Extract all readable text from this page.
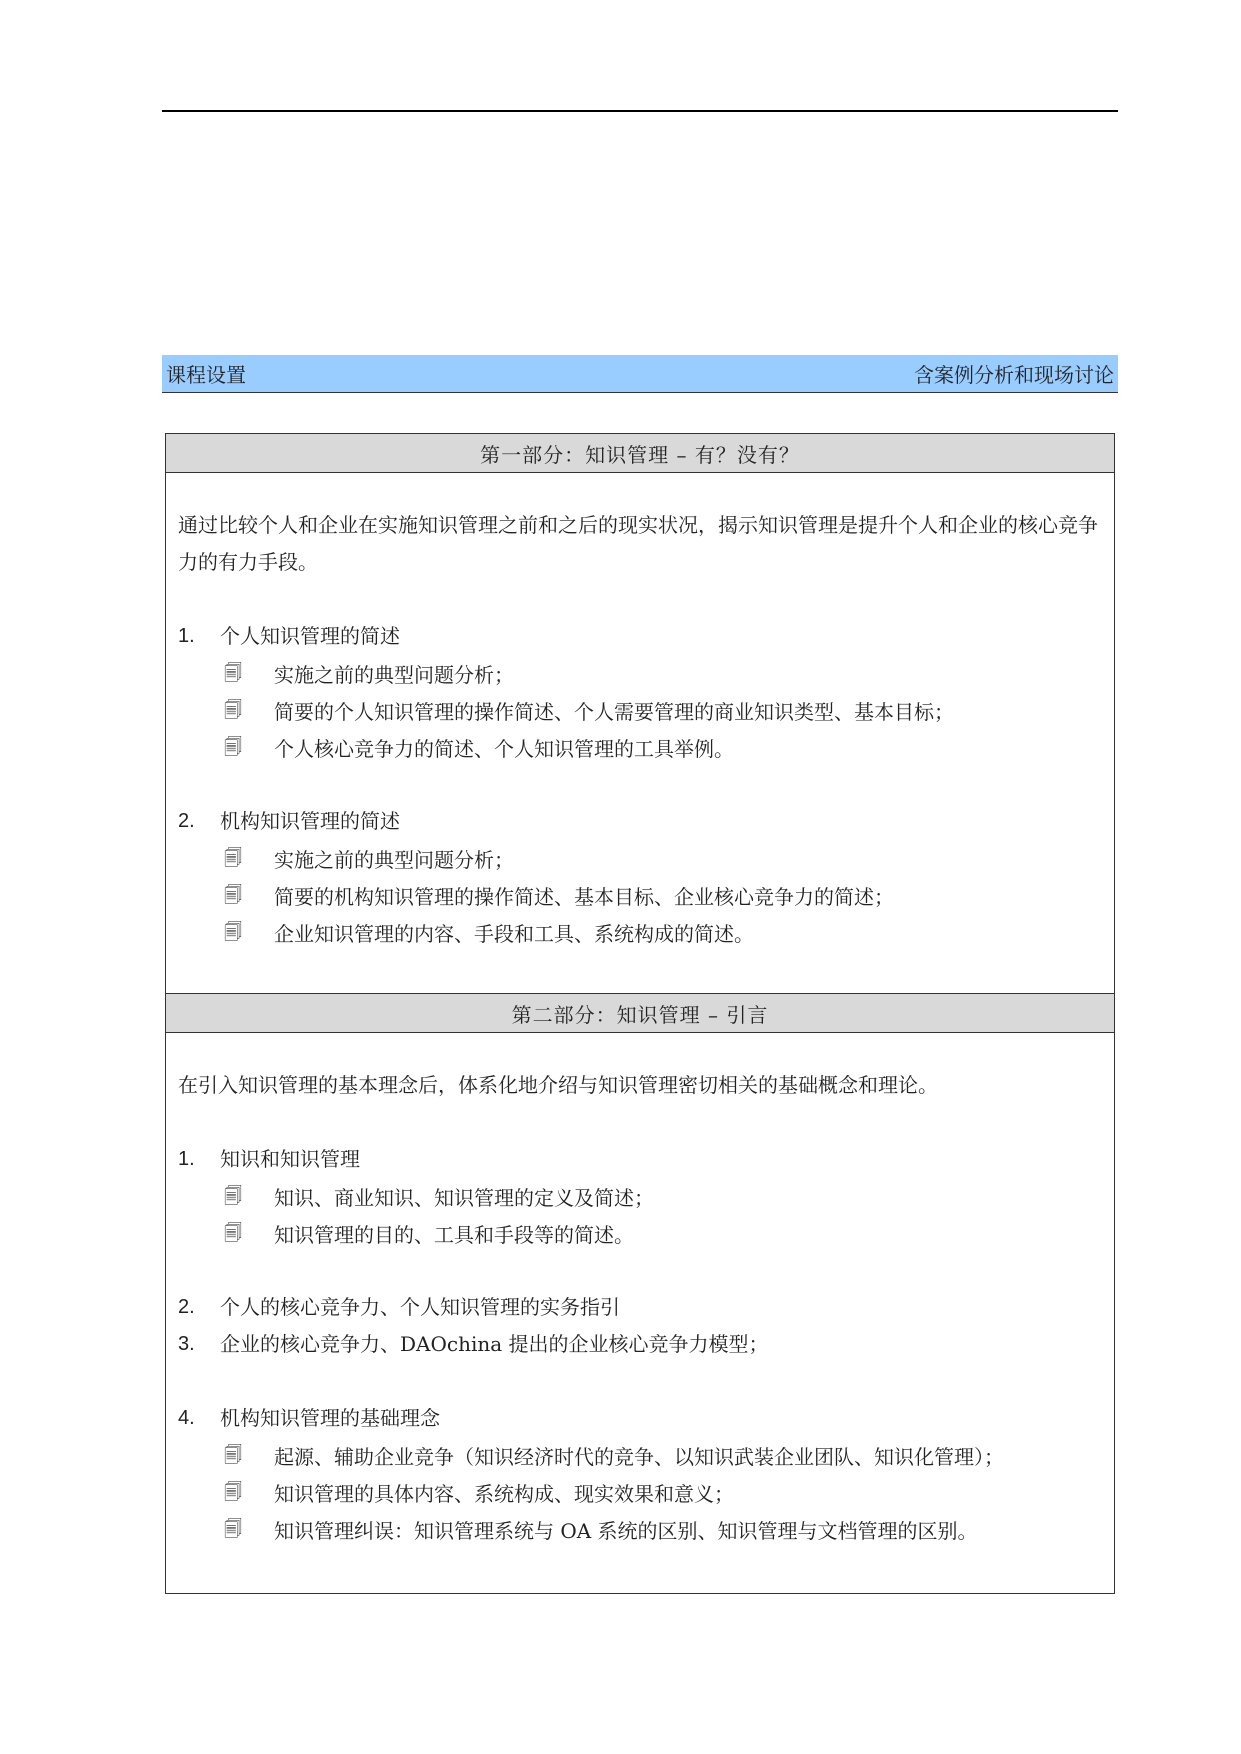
课程设置	含案例分析和现场讨论
第一部分：知识管理 – 有？没有？

通过比较个人和企业在实施知识管理之前和之后的现实状况，揭示知识管理是提升个人和企业的核心竞争力的有力手段。

1.	个人知识管理的简述
🗐	实施之前的典型问题分析；
🗐	简要的个人知识管理的操作简述、个人需要管理的商业知识类型、基本目标；
🗐	个人核心竞争力的简述、个人知识管理的工具举例。
2.	机构知识管理的简述
🗐	实施之前的典型问题分析；
🗐	简要的机构知识管理的操作简述、基本目标、企业核心竞争力的简述；
🗐	企业知识管理的内容、手段和工具、系统构成的简述。
第二部分：知识管理 – 引言

在引入知识管理的基本理念后，体系化地介绍与知识管理密切相关的基础概念和理论。

1.	知识和知识管理
🗐	知识、商业知识、知识管理的定义及简述；
🗐	知识管理的目的、工具和手段等的简述。
2.	个人的核心竞争力、个人知识管理的实务指引
3.	企业的核心竞争力、DAOchina 提出的企业核心竞争力模型；
4.	机构知识管理的基础理念
🗐	起源、辅助企业竞争（知识经济时代的竞争、以知识武装企业团队、知识化管理）；
🗐	知识管理的具体内容、系统构成、现实效果和意义；
🗐	知识管理纠误：知识管理系统与 OA 系统的区别、知识管理与文档管理的区别。
